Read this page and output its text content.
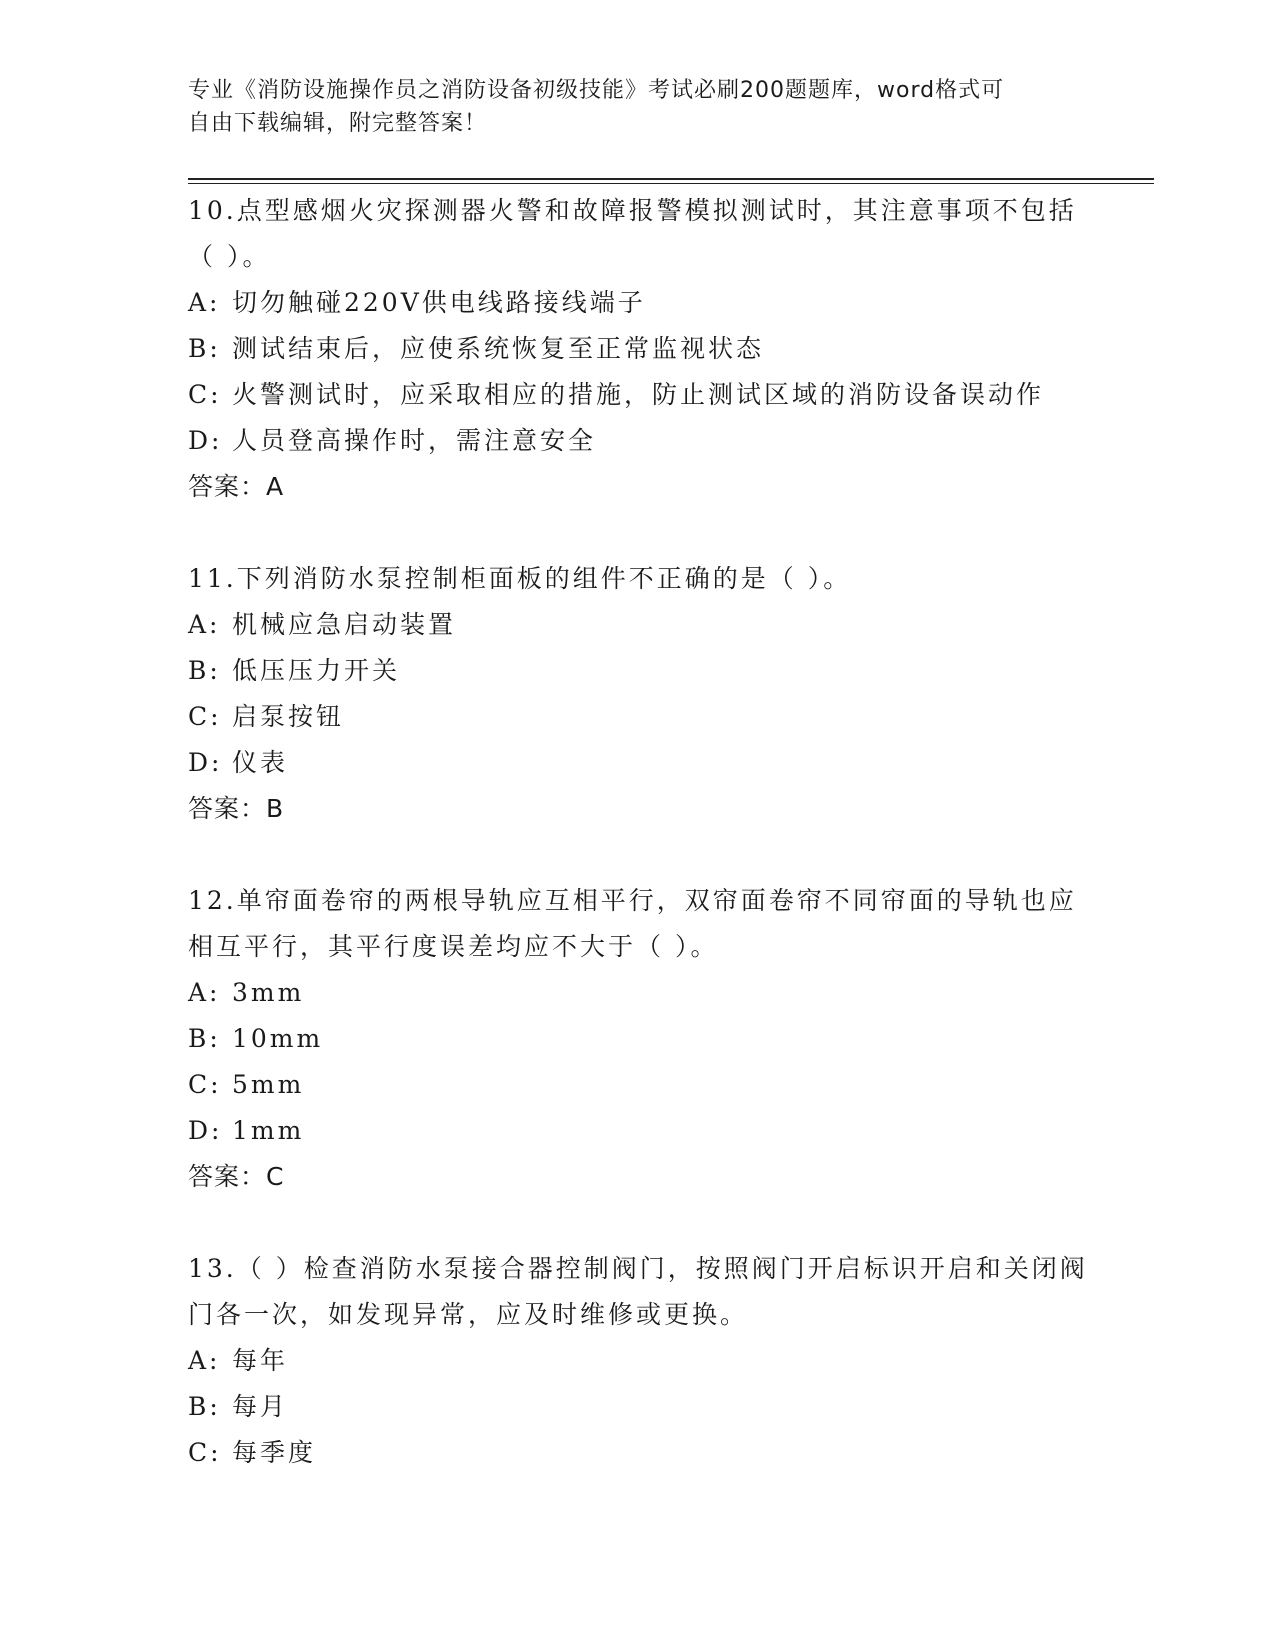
专业《消防设施操作员之消防设备初级技能》考试必刷200题题库，word格式可
自由下载编辑，附完整答案！

10.点型感烟火灾探测器火警和故障报警模拟测试时，其注意事项不包括（ ）。

A: 切勿触碰220V供电线路接线端子

B: 测试结束后，应使系统恢复至正常监视状态

C: 火警测试时，应采取相应的措施，防止测试区域的消防设备误动作

D: 人员登高操作时，需注意安全

答案：A

11.下列消防水泵控制柜面板的组件不正确的是（ ）。

A: 机械应急启动装置

B: 低压压力开关

C: 启泵按钮

D: 仪表

答案：B

12.单帘面卷帘的两根导轨应互相平行，双帘面卷帘不同帘面的导轨也应相互平行，其平行度误差均应不大于（ ）。

A: 3mm

B: 10mm

C: 5mm

D: 1mm

答案：C

13.（ ）检查消防水泵接合器控制阀门，按照阀门开启标识开启和关闭阀门各一次，如发现异常，应及时维修或更换。

A: 每年

B: 每月

C: 每季度
